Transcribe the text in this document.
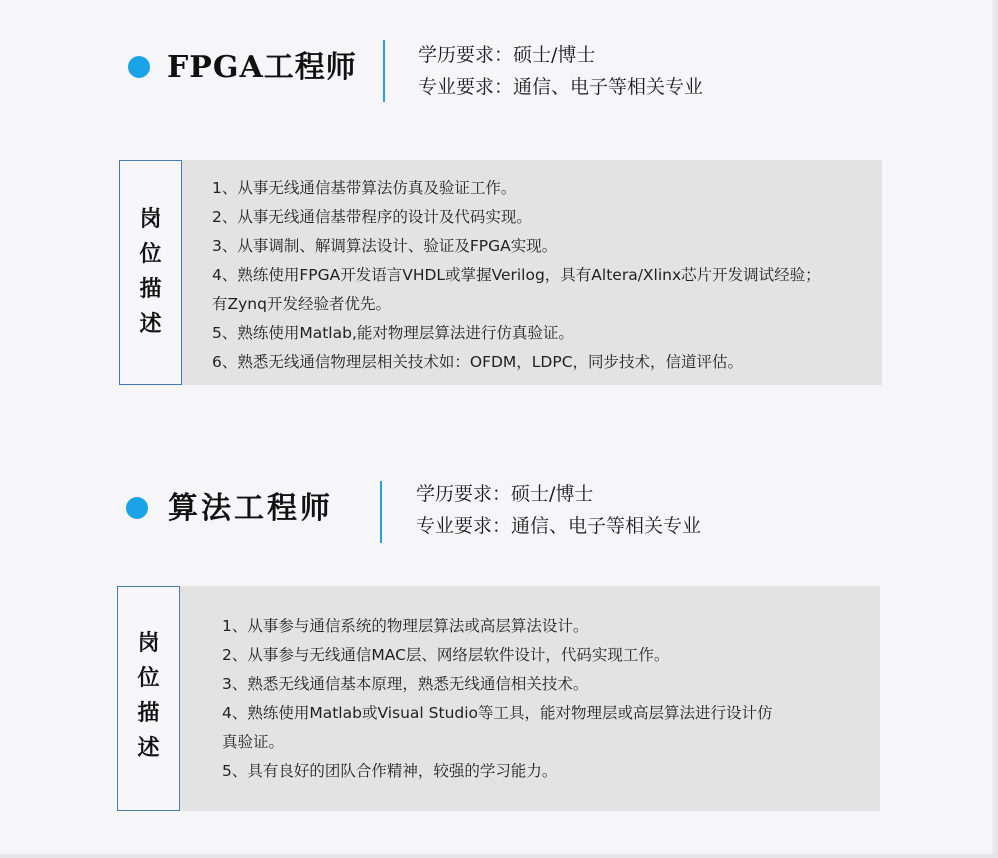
FPGA工程师	学历要求：硕士/博士
专业要求：通信、电子等相关专业
岗
位
描
述
1、从事无线通信基带算法仿真及验证工作。
2、从事无线通信基带程序的设计及代码实现。
3、从事调制、解调算法设计、验证及FPGA实现。
4、熟练使用FPGA开发语言VHDL或掌握Verilog，具有Altera/Xlinx芯片开发调试经验；
有Zynq开发经验者优先。
5、熟练使用Matlab,能对物理层算法进行仿真验证。
6、熟悉无线通信物理层相关技术如：OFDM，LDPC，同步技术，信道评估。
算法工程师	学历要求：硕士/博士
专业要求：通信、电子等相关专业
岗
位
描
述
1、从事参与通信系统的物理层算法或高层算法设计。
2、从事参与无线通信MAC层、网络层软件设计，代码实现工作。
3、熟悉无线通信基本原理，熟悉无线通信相关技术。
4、熟练使用Matlab或Visual Studio等工具，能对物理层或高层算法进行设计仿
真验证。
5、具有良好的团队合作精神，较强的学习能力。
